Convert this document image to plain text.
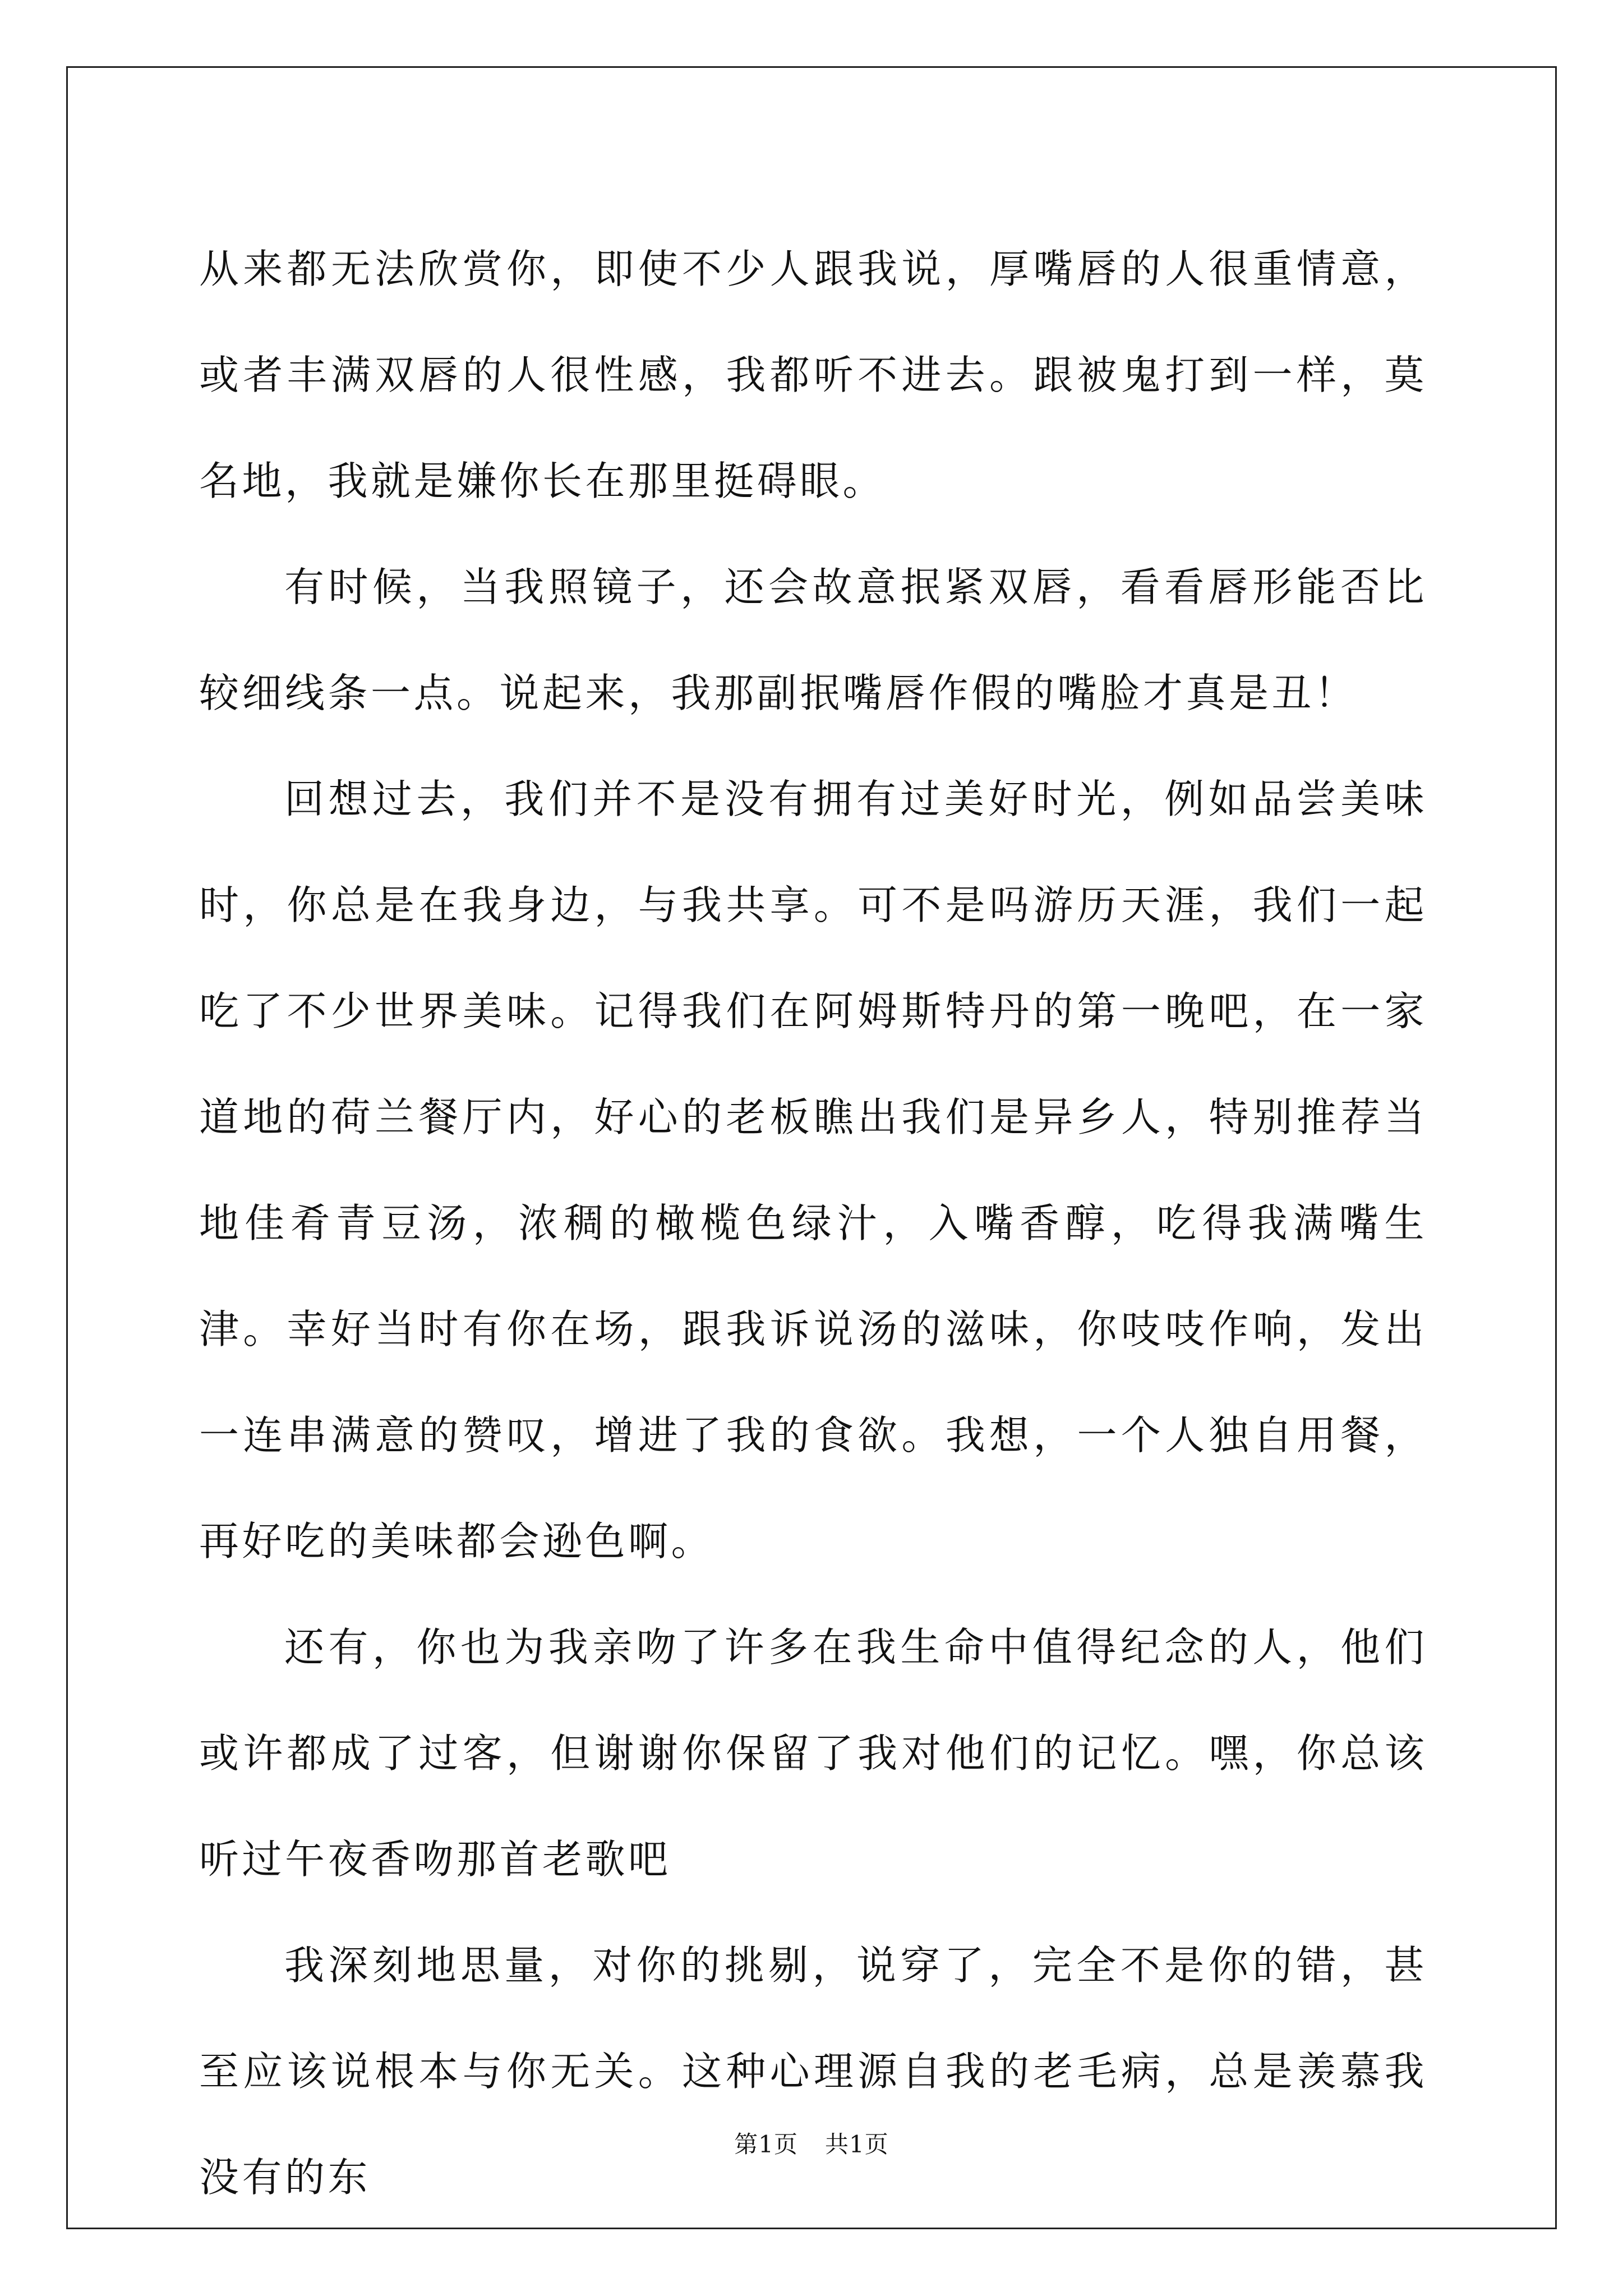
从来都无法欣赏你，即使不少人跟我说，厚嘴唇的人很重情意，或者丰满双唇的人很性感，我都听不进去。跟被鬼打到一样，莫名地，我就是嫌你长在那里挺碍眼。

有时候，当我照镜子，还会故意抿紧双唇，看看唇形能否比较细线条一点。说起来，我那副抿嘴唇作假的嘴脸才真是丑！

回想过去，我们并不是没有拥有过美好时光，例如品尝美味时，你总是在我身边，与我共享。可不是吗游历天涯，我们一起吃了不少世界美味。记得我们在阿姆斯特丹的第一晚吧，在一家道地的荷兰餐厅内，好心的老板瞧出我们是异乡人，特别推荐当地佳肴青豆汤，浓稠的橄榄色绿汁，入嘴香醇，吃得我满嘴生津。幸好当时有你在场，跟我诉说汤的滋味，你吱吱作响，发出一连串满意的赞叹，增进了我的食欲。我想，一个人独自用餐，再好吃的美味都会逊色啊。

还有，你也为我亲吻了许多在我生命中值得纪念的人，他们或许都成了过客，但谢谢你保留了我对他们的记忆。嘿，你总该听过午夜香吻那首老歌吧

我深刻地思量，对你的挑剔，说穿了，完全不是你的错，甚至应该说根本与你无关。这种心理源自我的老毛病，总是羡慕我没有的东

第1页 共1页
